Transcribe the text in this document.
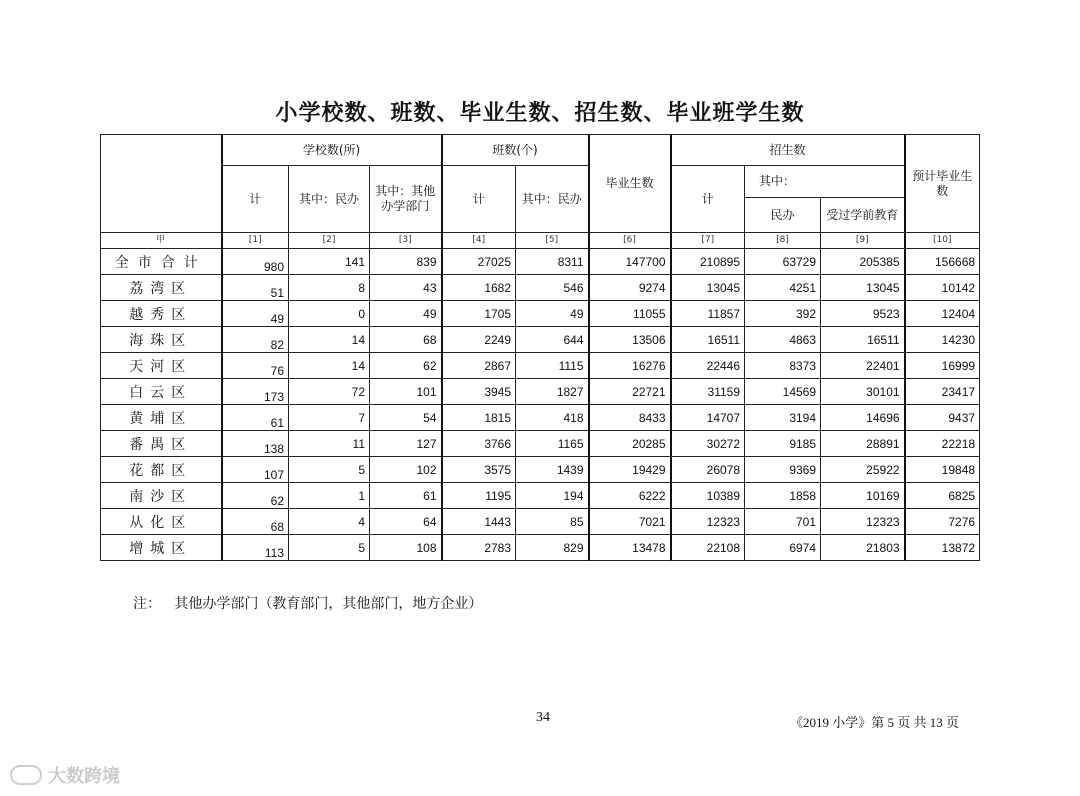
小学校数、班数、毕业生数、招生数、毕业班学生数
	学校数(所)			班数(个)		毕业生数	招生数			预计毕业生数
	计	其中：民办	其中：其他办学部门	计	其中：民办		计	其中：		
								民办	受过学前教育	
甲	[1]	[2]	[3]	[4]	[5]	[6]	[7]	[8]	[9]	[10]
全市合计	980	141	839	27025	8311	147700	210895	63729	205385	156668
荔湾区	51	8	43	1682	546	9274	13045	4251	13045	10142
越秀区	49	0	49	1705	49	11055	11857	392	9523	12404
海珠区	82	14	68	2249	644	13506	16511	4863	16511	14230
天河区	76	14	62	2867	1115	16276	22446	8373	22401	16999
白云区	173	72	101	3945	1827	22721	31159	14569	30101	23417
黄埔区	61	7	54	1815	418	8433	14707	3194	14696	9437
番禺区	138	11	127	3766	1165	20285	30272	9185	28891	22218
花都区	107	5	102	3575	1439	19429	26078	9369	25922	19848
南沙区	62	1	61	1195	194	6222	10389	1858	10169	6825
从化区	68	4	64	1443	85	7021	12323	701	12323	7276
增城区	113	5	108	2783	829	13478	22108	6974	21803	13872
注：   其他办学部门（教育部门，其他部门，地方企业）
34	《2019 小学》第 5 页 共 13 页
大数跨境
